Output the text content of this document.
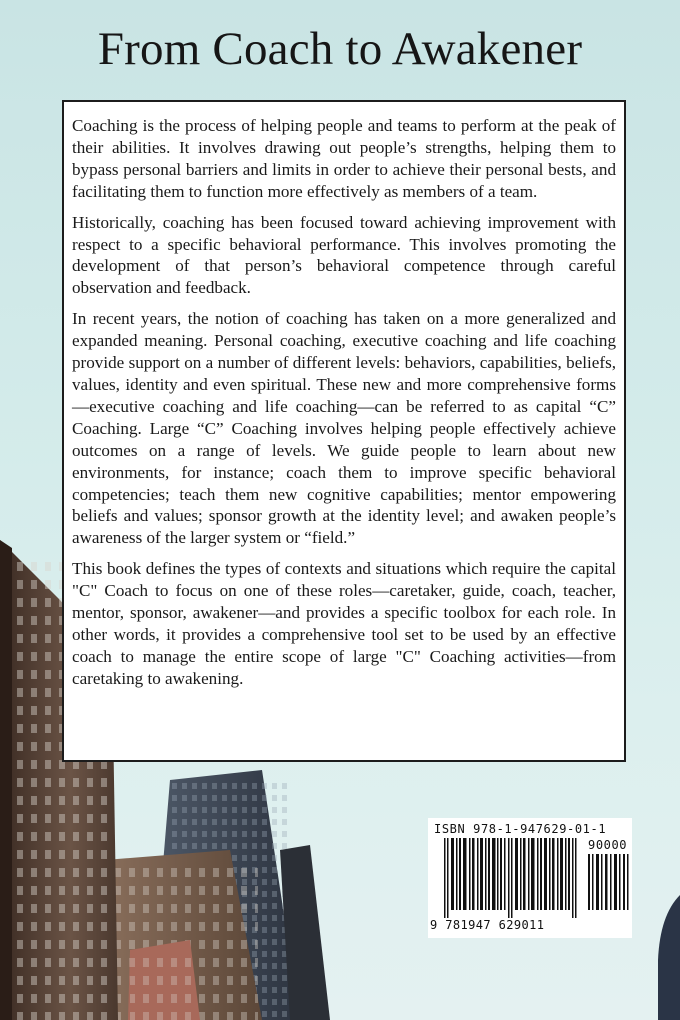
From Coach to Awakener

Coaching is the process of helping people and teams to perform at the peak of their abilities. It involves drawing out people’s strengths, helping them to bypass personal barriers and limits in order to achieve their personal bests, and facilitating them to function more effectively as members of a team.

Historically, coaching has been focused toward achieving improvement with respect to a specific behavioral performance. This involves promoting the development of that person’s behavioral competence through careful observation and feedback.

In recent years, the notion of coaching has taken on a more generalized and expanded meaning. Personal coaching, executive coaching and life coaching provide support on a number of different levels: behaviors, capabilities, beliefs, values, identity and even spiritual. These new and more comprehensive forms—executive coaching and life coaching—can be referred to as capital “C” Coaching. Large “C” Coaching involves helping people effectively achieve outcomes on a range of levels. We guide people to learn about new environments, for instance; coach them to improve specific behavioral competencies; teach them new cognitive capabilities; mentor empowering beliefs and values; sponsor growth at the identity level; and awaken people’s awareness of the larger system or “field.”

This book defines the types of contexts and situations which require the capital "C" Coach to focus on one of these roles—caretaker, guide, coach, teacher, mentor, sponsor, awakener—and provides a specific toolbox for each role. In other words, it provides a comprehensive tool set to be used by an effective coach to manage the entire scope of large "C" Coaching activities—from caretaking to awakening.

ISBN 978-1-947629-01-1
90000
9 781947 629011
